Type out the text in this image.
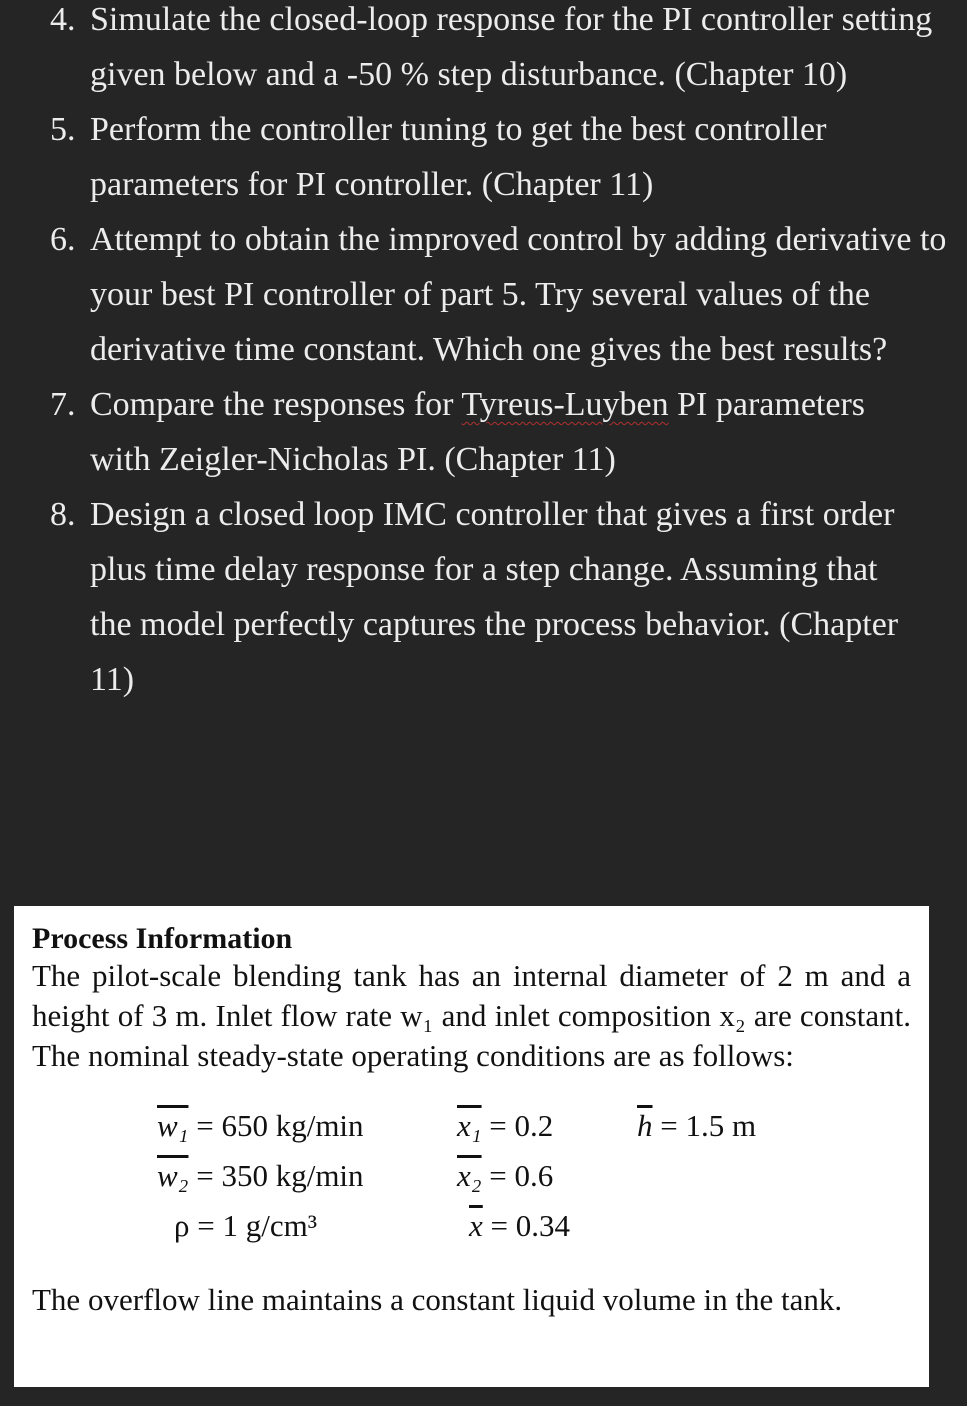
4. Simulate the closed-loop response for the PI controller setting given below and a -50 % step disturbance. (Chapter 10)
5. Perform the controller tuning to get the best controller parameters for PI controller. (Chapter 11)
6. Attempt to obtain the improved control by adding derivative to your best PI controller of part 5. Try several values of the derivative time constant. Which one gives the best results?
7. Compare the responses for Tyreus-Luyben PI parameters with Zeigler-Nicholas PI. (Chapter 11)
8. Design a closed loop IMC controller that gives a first order plus time delay response for a step change. Assuming that the model perfectly captures the process behavior. (Chapter 11)
Process Information

The pilot-scale blending tank has an internal diameter of 2 m and a height of 3 m. Inlet flow rate w₁ and inlet composition x₂ are constant. The nominal steady-state operating conditions are as follows:

w₁ = 650 kg/min
w₂ = 350 kg/min
ρ = 1 g/cm³
x₁ = 0.2
x₂ = 0.6
$\overline{x} = 0.34$
$\overline{h} = 1.5$ m

The overflow line maintains a constant liquid volume in the tank.
